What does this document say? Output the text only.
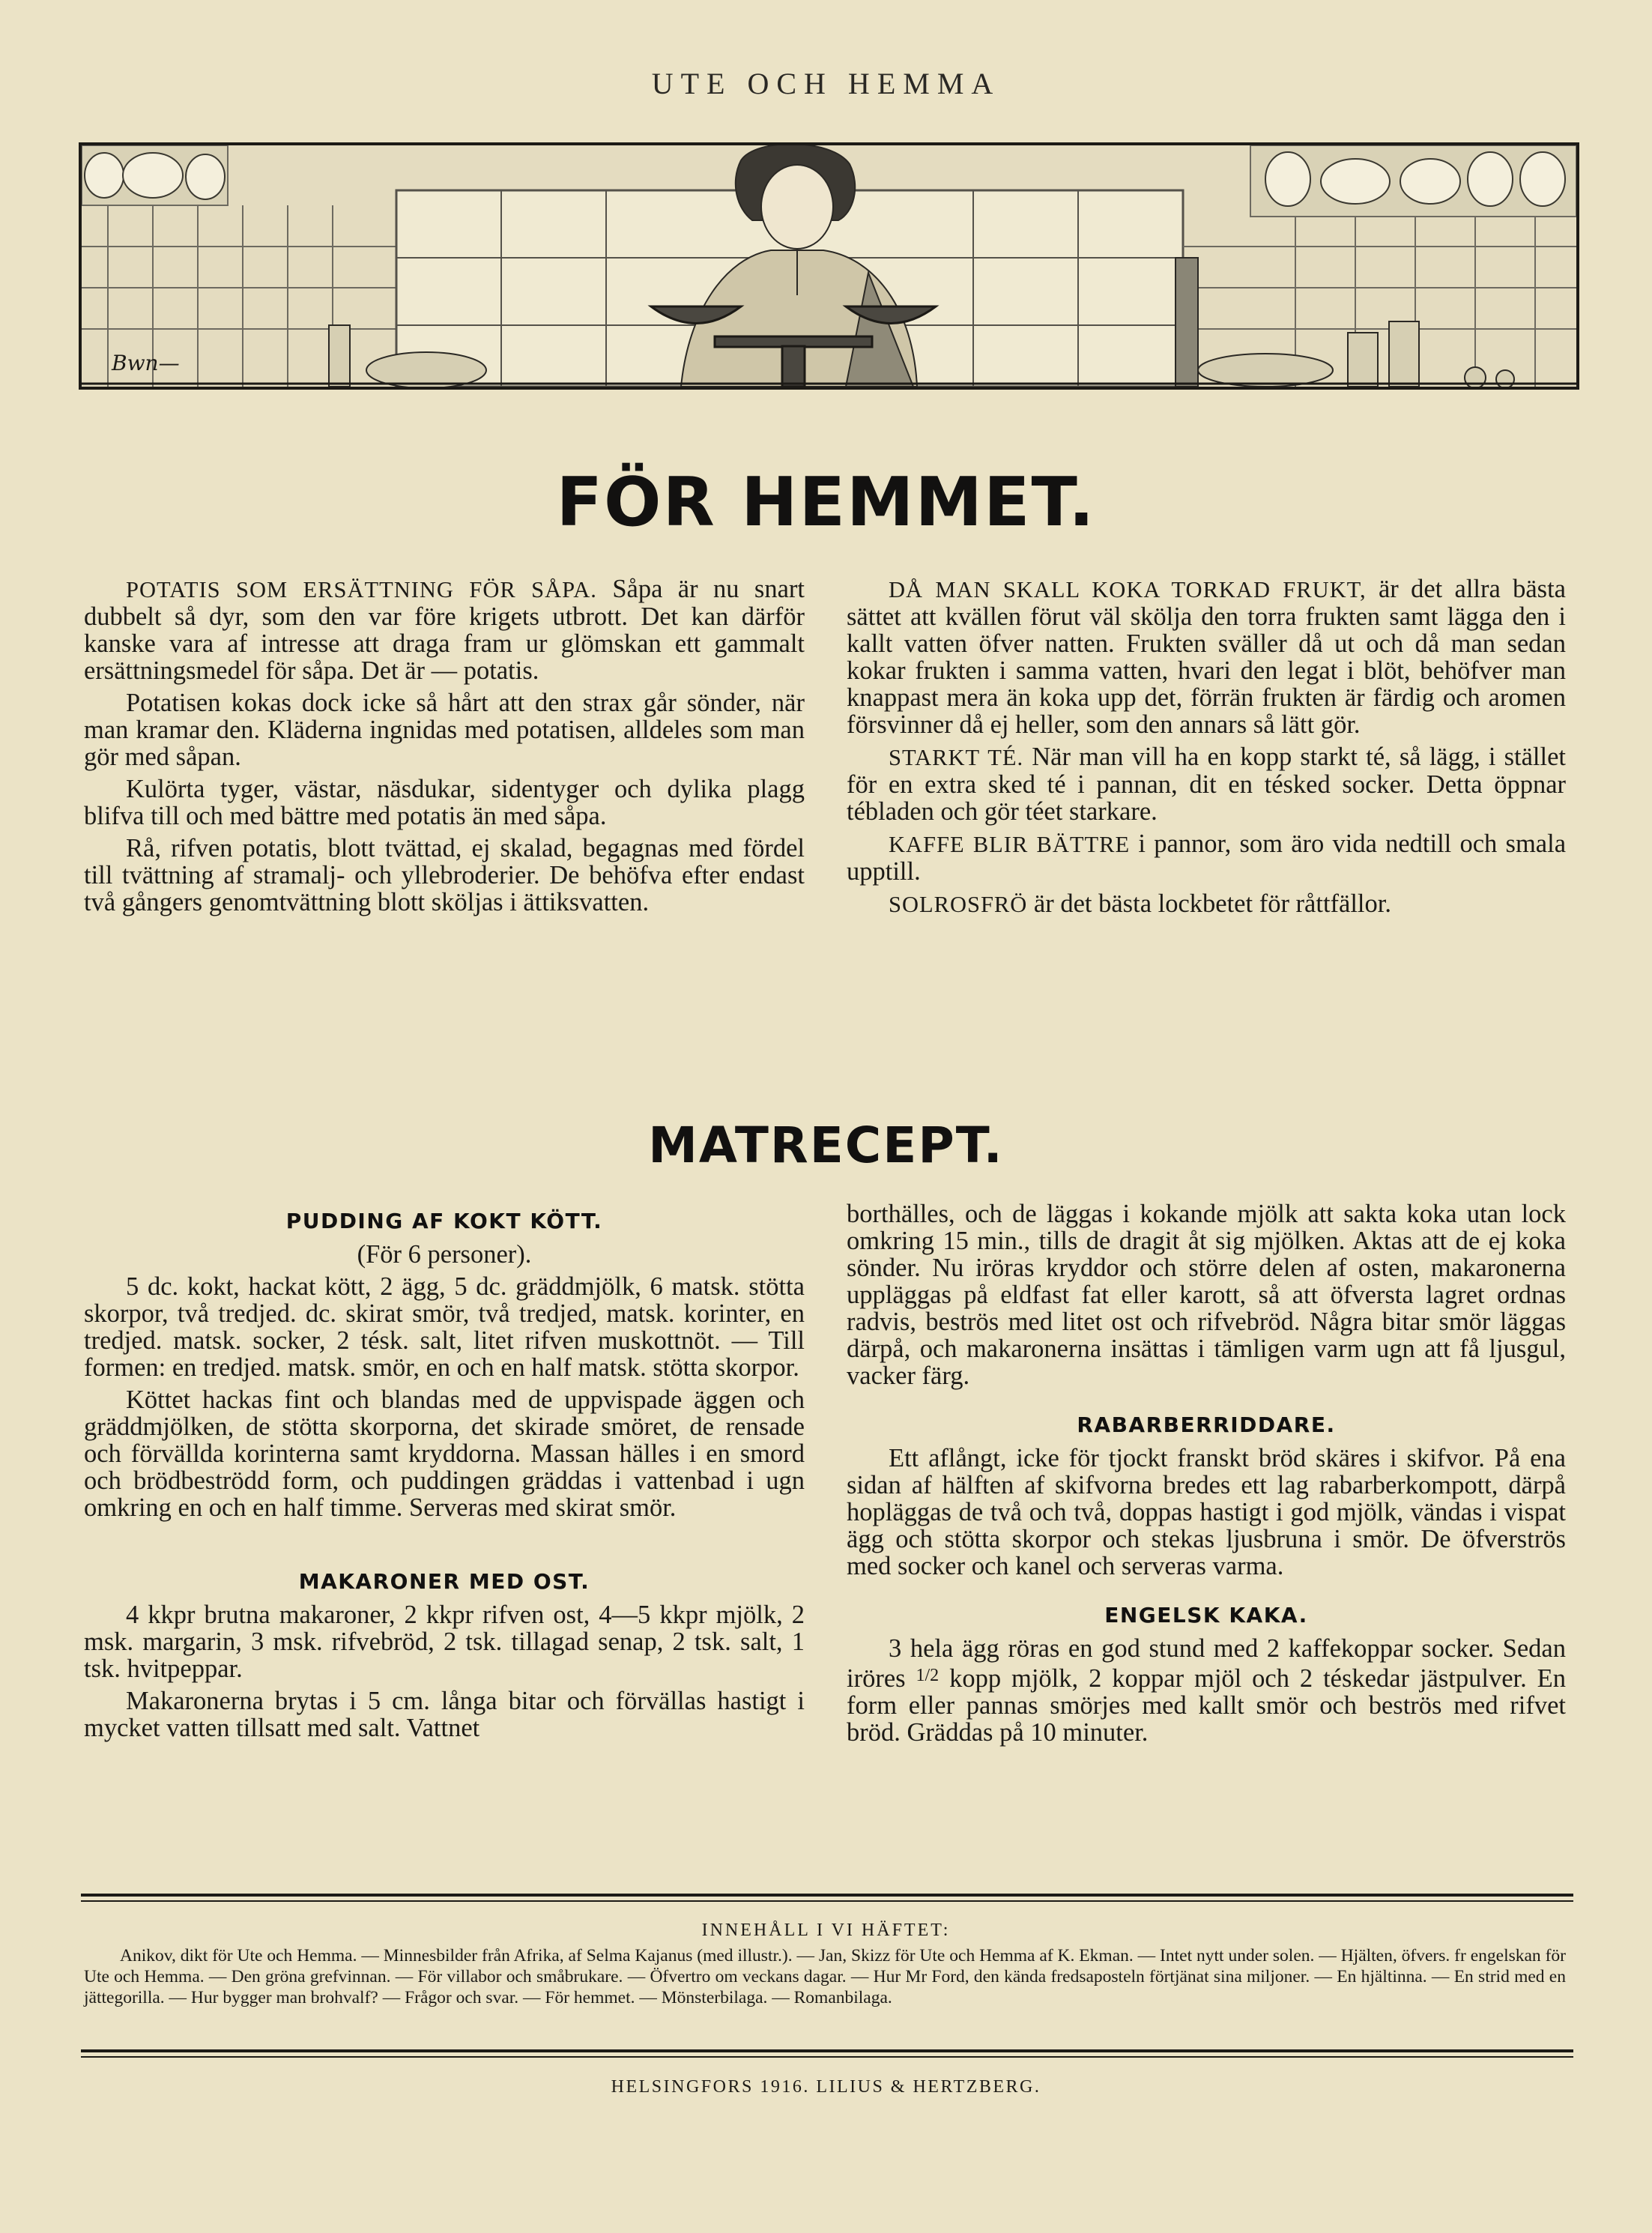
UTE OCH HEMMA
Bwn—
FÖR HEMMET.

POTATIS SOM ERSÄTTNING FÖR SÅPA. Såpa är nu snart dubbelt så dyr, som den var före krigets utbrott. Det kan därför kanske vara af intresse att draga fram ur glömskan ett gammalt ersättningsmedel för såpa. Det är — potatis.

Potatisen kokas dock icke så hårt att den strax går sönder, när man kramar den. Kläderna ingnidas med potatisen, alldeles som man gör med såpan.

Kulörta tyger, västar, näsdukar, sidentyger och dylika plagg blifva till och med bättre med potatis än med såpa.

Rå, rifven potatis, blott tvättad, ej skalad, begagnas med fördel till tvättning af stramalj- och yllebroderier. De behöfva efter endast två gångers genomtvättning blott sköljas i ättiksvatten.

DÅ MAN SKALL KOKA TORKAD FRUKT, är det allra bästa sättet att kvällen förut väl skölja den torra frukten samt lägga den i kallt vatten öfver natten. Frukten sväller då ut och då man sedan kokar frukten i samma vatten, hvari den legat i blöt, behöfver man knappast mera än koka upp det, förrän frukten är färdig och aromen försvinner då ej heller, som den annars så lätt gör.

STARKT TÉ. När man vill ha en kopp starkt té, så lägg, i stället för en extra sked té i pannan, dit en tésked socker. Detta öppnar tébladen och gör téet starkare.

KAFFE BLIR BÄTTRE i pannor, som äro vida nedtill och smala upptill.

SOLROSFRÖ är det bästa lockbetet för råttfällor.

MATRECEPT.
PUDDING AF KOKT KÖTT.

(För 6 personer).

5 dc. kokt, hackat kött, 2 ägg, 5 dc. gräddmjölk, 6 matsk. stötta skorpor, två tredjed. dc. skirat smör, två tredjed, matsk. korinter, en tredjed. matsk. socker, 2 tésk. salt, litet rifven muskottnöt. — Till formen: en tredjed. matsk. smör, en och en half matsk. stötta skorpor.

Köttet hackas fint och blandas med de uppvispade äggen och gräddmjölken, de stötta skorporna, det skirade smöret, de rensade och förvällda korinterna samt kryddorna. Massan hälles i en smord och brödbeströdd form, och puddingen gräddas i vattenbad i ugn omkring en och en half timme. Serveras med skirat smör.

MAKARONER MED OST.

4 kkpr brutna makaroner, 2 kkpr rifven ost, 4—5 kkpr mjölk, 2 msk. margarin, 3 msk. rifvebröd, 2 tsk. tillagad senap, 2 tsk. salt, 1 tsk. hvitpeppar.

Makaronerna brytas i 5 cm. långa bitar och förvällas hastigt i mycket vatten tillsatt med salt. Vattnet

borthälles, och de läggas i kokande mjölk att sakta koka utan lock omkring 15 min., tills de dragit åt sig mjölken. Aktas att de ej koka sönder. Nu iröras kryddor och större delen af osten, makaronerna uppläggas på eldfast fat eller karott, så att öfversta lagret ordnas radvis, beströs med litet ost och rifvebröd. Några bitar smör läggas därpå, och makaronerna insättas i tämligen varm ugn att få ljusgul, vacker färg.

RABARBERRIDDARE.

Ett aflångt, icke för tjockt franskt bröd skäres i skifvor. På ena sidan af hälften af skifvorna bredes ett lag rabarberkompott, därpå hopläggas de två och två, doppas hastigt i god mjölk, vändas i vispat ägg och stötta skorpor och stekas ljusbruna i smör. De öfverströs med socker och kanel och serveras varma.

ENGELSK KAKA.

3 hela ägg röras en god stund med 2 kaffekoppar socker. Sedan iröres $^{1/2}$ kopp mjölk, 2 koppar mjöl och 2 téskedar jästpulver. En form eller pannas smörjes med kallt smör och beströs med rifvet bröd. Gräddas på 10 minuter.

INNEHÅLL I VI HÄFTET:

Anikov, dikt för Ute och Hemma. — Minnesbilder från Afrika, af Selma Kajanus (med illustr.). — Jan, Skizz för Ute och Hemma af K. Ekman. — Intet nytt under solen. — Hjälten, öfvers. fr engelskan för Ute och Hemma. — Den gröna grefvinnan. — För villabor och småbrukare. — Öfvertro om veckans dagar. — Hur Mr Ford, den kända fredsaposteln förtjänat sina miljoner. — En hjältinna. — En strid med en jättegorilla. — Hur bygger man brohvalf? — Frågor och svar. — För hemmet. — Mönsterbilaga. — Romanbilaga.

HELSINGFORS 1916. LILIUS & HERTZBERG.
